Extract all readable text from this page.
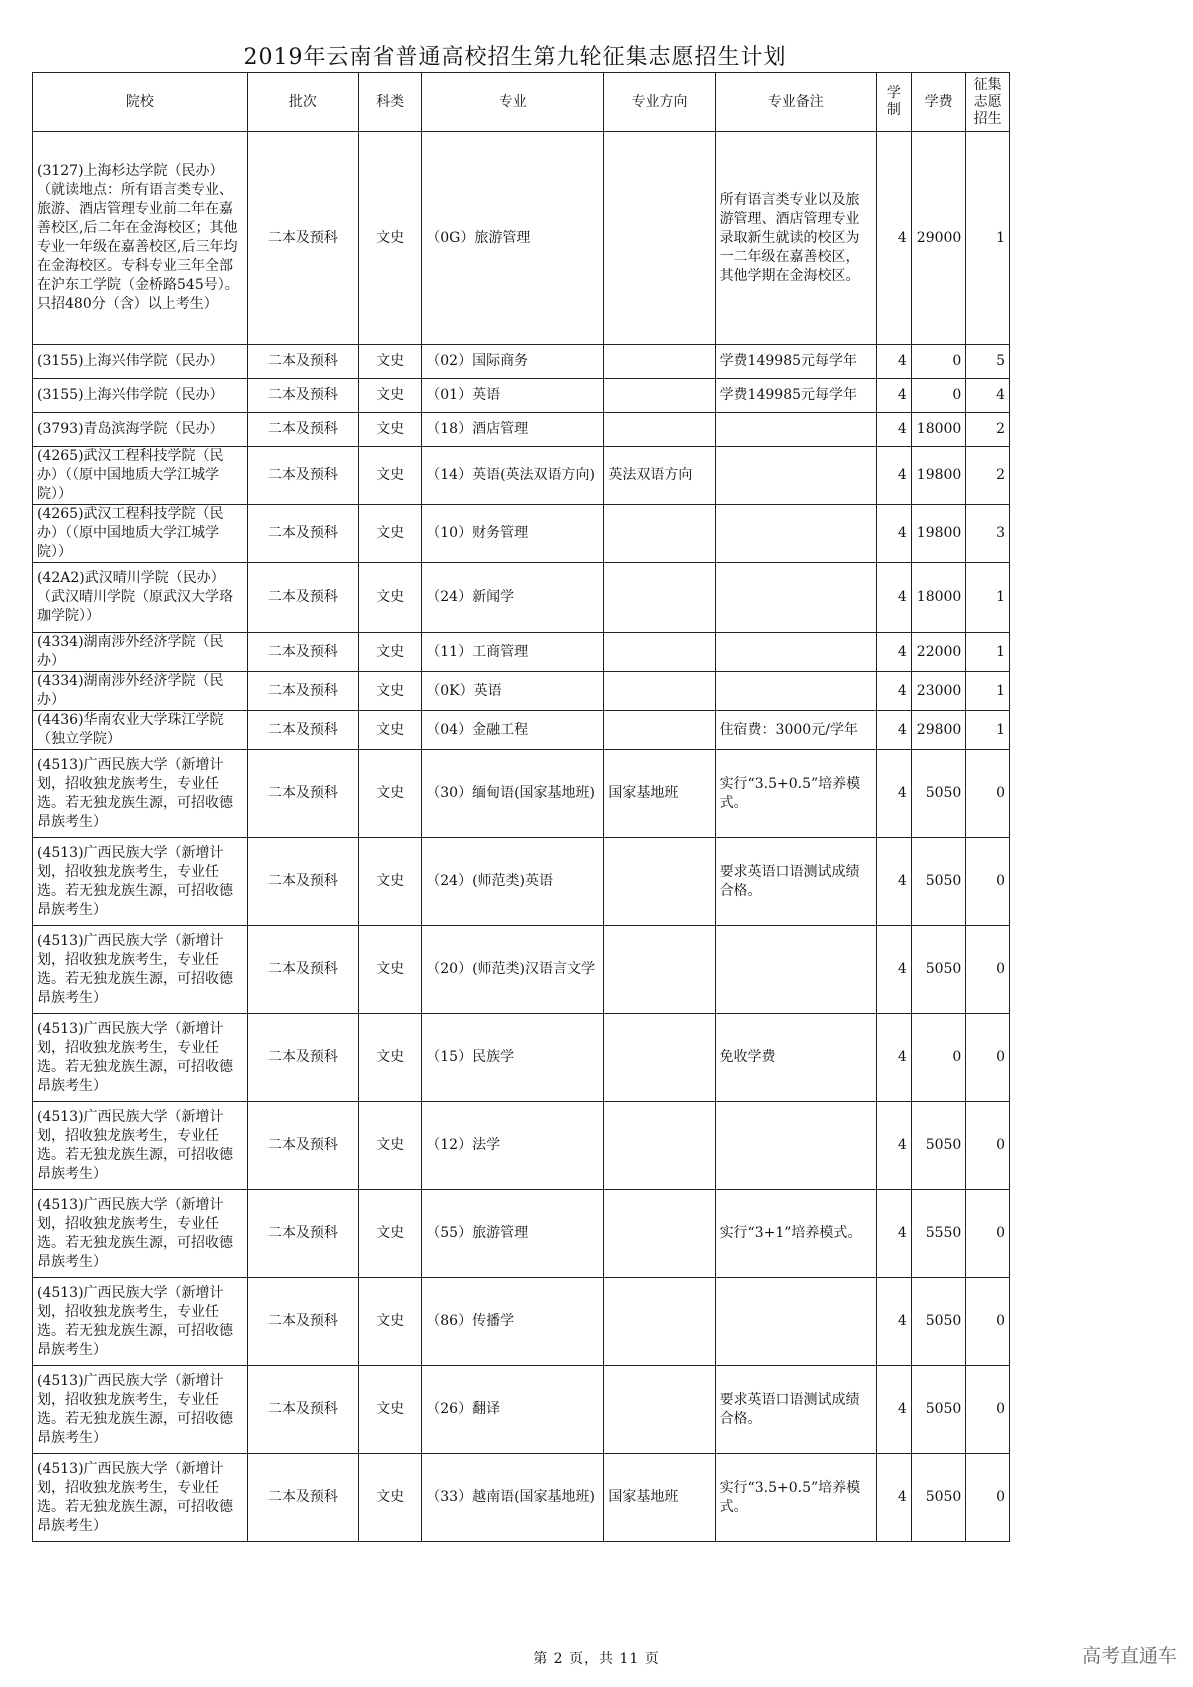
2019年云南省普通高校招生第九轮征集志愿招生计划
院校	批次	科类	专业	专业方向	专业备注	学制	学费	征集志愿招生
(3127)上海杉达学院（民办）（就读地点：所有语言类专业、旅游、酒店管理专业前二年在嘉善校区,后二年在金海校区；其他专业一年级在嘉善校区,后三年均在金海校区。专科专业三年全部在沪东工学院（金桥路545号）。只招480分（含）以上考生）	二本及预科	文史	（0G）旅游管理		所有语言类专业以及旅游管理、酒店管理专业录取新生就读的校区为一二年级在嘉善校区，其他学期在金海校区。	4	29000	1
(3155)上海兴伟学院（民办）	二本及预科	文史	（02）国际商务		学费149985元每学年	4	0	5
(3155)上海兴伟学院（民办）	二本及预科	文史	（01）英语		学费149985元每学年	4	0	4
(3793)青岛滨海学院（民办）	二本及预科	文史	（18）酒店管理			4	18000	2
(4265)武汉工程科技学院（民办）（（原中国地质大学江城学院））	二本及预科	文史	（14）英语(英法双语方向)	英法双语方向		4	19800	2
(4265)武汉工程科技学院（民办）（（原中国地质大学江城学院））	二本及预科	文史	（10）财务管理			4	19800	3
(42A2)武汉晴川学院（民办）（武汉晴川学院（原武汉大学珞珈学院））	二本及预科	文史	（24）新闻学			4	18000	1
(4334)湖南涉外经济学院（民办）	二本及预科	文史	（11）工商管理			4	22000	1
(4334)湖南涉外经济学院（民办）	二本及预科	文史	（0K）英语			4	23000	1
(4436)华南农业大学珠江学院（独立学院）	二本及预科	文史	（04）金融工程		住宿费：3000元/学年	4	29800	1
(4513)广西民族大学（新增计划，招收独龙族考生，专业任选。若无独龙族生源，可招收德昂族考生）	二本及预科	文史	（30）缅甸语(国家基地班)	国家基地班	实行“3.5+0.5”培养模式。	4	5050	0
(4513)广西民族大学（新增计划，招收独龙族考生，专业任选。若无独龙族生源，可招收德昂族考生）	二本及预科	文史	（24）(师范类)英语		要求英语口语测试成绩合格。	4	5050	0
(4513)广西民族大学（新增计划，招收独龙族考生，专业任选。若无独龙族生源，可招收德昂族考生）	二本及预科	文史	（20）(师范类)汉语言文学			4	5050	0
(4513)广西民族大学（新增计划，招收独龙族考生，专业任选。若无独龙族生源，可招收德昂族考生）	二本及预科	文史	（15）民族学		免收学费	4	0	0
(4513)广西民族大学（新增计划，招收独龙族考生，专业任选。若无独龙族生源，可招收德昂族考生）	二本及预科	文史	（12）法学			4	5050	0
(4513)广西民族大学（新增计划，招收独龙族考生，专业任选。若无独龙族生源，可招收德昂族考生）	二本及预科	文史	（55）旅游管理		实行“3+1”培养模式。	4	5550	0
(4513)广西民族大学（新增计划，招收独龙族考生，专业任选。若无独龙族生源，可招收德昂族考生）	二本及预科	文史	（86）传播学			4	5050	0
(4513)广西民族大学（新增计划，招收独龙族考生，专业任选。若无独龙族生源，可招收德昂族考生）	二本及预科	文史	（26）翻译		要求英语口语测试成绩合格。	4	5050	0
(4513)广西民族大学（新增计划，招收独龙族考生，专业任选。若无独龙族生源，可招收德昂族考生）	二本及预科	文史	（33）越南语(国家基地班)	国家基地班	实行“3.5+0.5”培养模式。	4	5050	0
第 2 页，共 11 页	高考直通车
